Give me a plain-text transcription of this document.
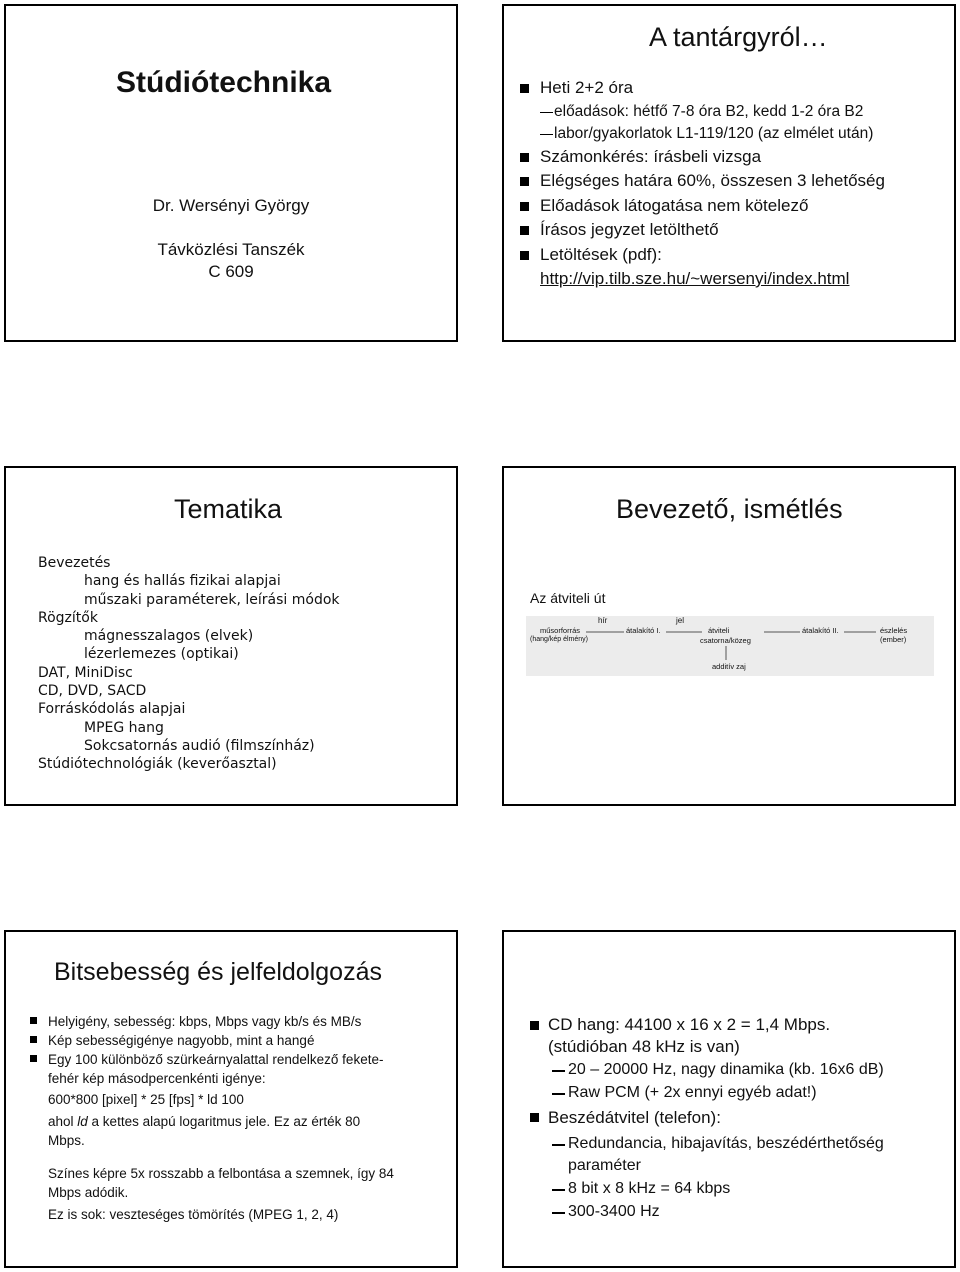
Stúdiótechnika
Dr. Wersényi György
Távközlési Tanszék
C 609
A tantárgyról…
Heti 2+2 óra
előadások: hétfő 7-8 óra B2, kedd 1-2 óra B2
labor/gyakorlatok L1-119/120 (az elmélet után)
Számonkérés: írásbeli vizsga
Elégséges határa 60%, összesen 3 lehetőség
Előadások látogatása nem kötelező
Írásos jegyzet letölthető
Letöltések (pdf):
http://vip.tilb.sze.hu/~wersenyi/index.html
Tematika
Bevezetés
hang és hallás fizikai alapjai
műszaki paraméterek, leírási módok
Rögzítők
mágnesszalagos (elvek)
lézerlemezes (optikai)
DAT, MiniDisc
CD, DVD, SACD
Forráskódolás alapjai
MPEG hang
Sokcsatornás audió (filmszínház)
Stúdiótechnológiák (keverőasztal)
Bevezető, ismétlés
Az átviteli út
hír	jel
műsorforrás
(hang/kép élmény)
átalakító I.	átviteli
csatorna/közeg
additív zaj
átalakító II.	észlelés (ember)
Bitsebesség és jelfeldolgozás
Helyigény, sebesség: kbps, Mbps vagy kb/s és MB/s
Kép sebességigénye nagyobb, mint a hangé
Egy 100 különböző szürkeárnyalattal rendelkező fekete-
fehér kép másodpercenkénti igénye:
600*800 [pixel] * 25 [fps] * ld 100
ahol ld a kettes alapú logaritmus jele. Ez az érték 80
Mbps.
Színes képre 5x rosszabb a felbontása a szemnek, így 84
Mbps adódik.
Ez is sok: veszteséges tömörítés (MPEG 1, 2, 4)
CD hang: 44100 x 16 x 2 = 1,4 Mbps.
(stúdióban 48 kHz is van)
20 – 20000 Hz, nagy dinamika (kb. 16x6 dB)
Raw PCM (+ 2x ennyi egyéb adat!)
Beszédátvitel (telefon):
Redundancia, hibajavítás, beszédérthetőség
paraméter
8 bit x 8 kHz = 64 kbps
300-3400 Hz
